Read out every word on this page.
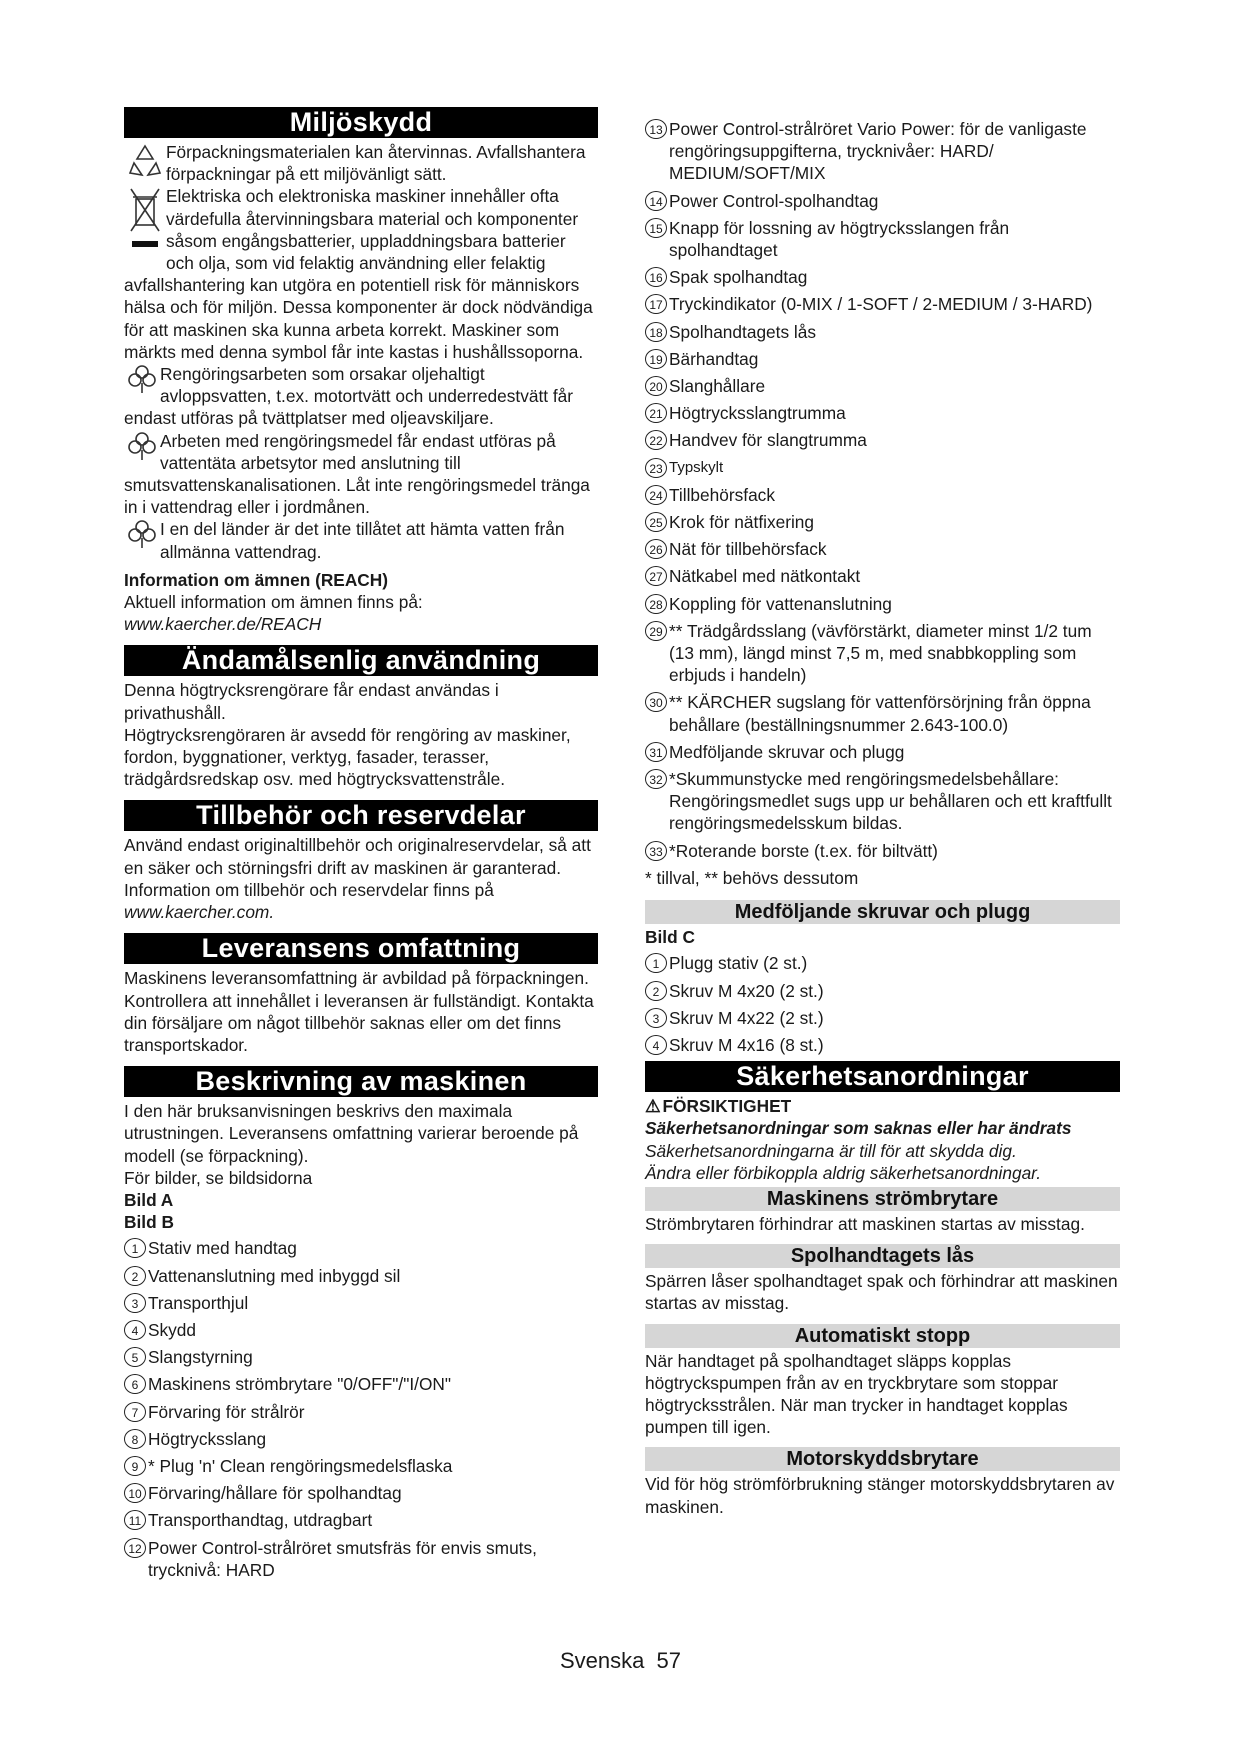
Miljöskydd

Förpackningsmaterialen kan återvinnas. Avfallshantera förpackningar på ett miljövänligt sätt.

Elektriska och elektroniska maskiner innehåller ofta värdefulla återvinningsbara material och komponenter såsom engångsbatterier, uppladdningsbara batterier och olja, som vid felaktig användning eller felaktig avfallshantering kan utgöra en potentiell risk för människors hälsa och för miljön. Dessa komponenter är dock nödvändiga för att maskinen ska kunna arbeta korrekt. Maskiner som märkts med denna symbol får inte kastas i hushållssoporna.

Rengöringsarbeten som orsakar oljehaltigt avloppsvatten, t.ex. motortvätt och underredestvätt får endast utföras på tvättplatser med oljeavskiljare.

Arbeten med rengöringsmedel får endast utföras på vattentäta arbetsytor med anslutning till smutsvattenskanalisationen. Låt inte rengöringsmedel tränga in i vattendrag eller i jordmånen.

I en del länder är det inte tillåtet att hämta vatten från allmänna vattendrag.

Information om ämnen (REACH)

Aktuell information om ämnen finns på: www.kaercher.de/REACH

Ändamålsenlig användning

Denna högtrycksrengörare får endast användas i privathushåll.

Högtrycksrengöraren är avsedd för rengöring av maskiner, fordon, byggnationer, verktyg, fasader, terasser, trädgårdsredskap osv. med högtrycksvattenstråle.

Tillbehör och reservdelar

Använd endast originaltillbehör och originalreservdelar, så att en säker och störningsfri drift av maskinen är garanterad.

Information om tillbehör och reservdelar finns på

www.kaercher.com.

Leveransens omfattning

Maskinens leveransomfattning är avbildad på förpackningen. Kontrollera att innehållet i leveransen är fullständigt. Kontakta din försäljare om något tillbehör saknas eller om det finns transportskador.

Beskrivning av maskinen

I den här bruksanvisningen beskrivs den maximala utrustningen. Leveransens omfattning varierar beroende på modell (se förpackning).

För bilder, se bildsidorna

Bild A

Bild B

1 Stativ med handtag
2 Vattenanslutning med inbyggd sil
3 Transporthjul
4 Skydd
5 Slangstyrning
6 Maskinens strömbrytare "0/OFF"/"I/ON"
7 Förvaring för strålrör
8 Högtrycksslang
9 * Plug 'n' Clean rengöringsmedelsflaska
10 Förvaring/hållare för spolhandtag
11 Transporthandtag, utdragbart
12 Power Control-strålröret smutsfräs för envis smuts, trycknivå: HARD
13 Power Control-strålröret Vario Power: för de vanligaste rengöringsuppgifterna, trycknivåer: HARD/ MEDIUM/SOFT/MIX
14 Power Control-spolhandtag
15 Knapp för lossning av högtrycksslangen från spolhandtaget
16 Spak spolhandtag
17 Tryckindikator (0-MIX / 1-SOFT / 2-MEDIUM / 3-HARD)
18 Spolhandtagets lås
19 Bärhandtag
20 Slanghållare
21 Högtrycksslangtrumma
22 Handvev för slangtrumma
23 Typskylt
24 Tillbehörsfack
25 Krok för nätfixering
26 Nät för tillbehörsfack
27 Nätkabel med nätkontakt
28 Koppling för vattenanslutning
29 ** Trädgårdsslang (vävförstärkt, diameter minst 1/2 tum (13 mm), längd minst 7,5 m, med snabbkoppling som erbjuds i handeln)
30 ** KÄRCHER sugslang för vattenförsörjning från öppna behållare (beställningsnummer 2.643-100.0)
31 Medföljande skruvar och plugg
32 *Skummunstycke med rengöringsmedelsbehållare: Rengöringsmedlet sugs upp ur behållaren och ett kraftfullt rengöringsmedelsskum bildas.
33 *Roterande borste (t.ex. för biltvätt)

* tillval, ** behövs dessutom

Medföljande skruvar och plugg

Bild C

1 Plugg stativ (2 st.)
2 Skruv M 4x20 (2 st.)
3 Skruv M 4x22 (2 st.)
4 Skruv M 4x16 (8 st.)
Säkerhetsanordningar

⚠ FÖRSIKTIGHET

Säkerhetsanordningar som saknas eller har ändrats

Säkerhetsanordningarna är till för att skydda dig.

Ändra eller förbikoppla aldrig säkerhetsanordningar.

Maskinens strömbrytare

Strömbrytaren förhindrar att maskinen startas av misstag.

Spolhandtagets lås

Spärren låser spolhandtaget spak och förhindrar att maskinen startas av misstag.

Automatiskt stopp

När handtaget på spolhandtaget släpps kopplas högtryckspumpen från av en tryckbrytare som stoppar högtrycksstrålen. När man trycker in handtaget kopplas pumpen till igen.

Motorskyddsbrytare

Vid för hög strömförbrukning stänger motorskyddsbrytaren av maskinen.

Svenska  57
